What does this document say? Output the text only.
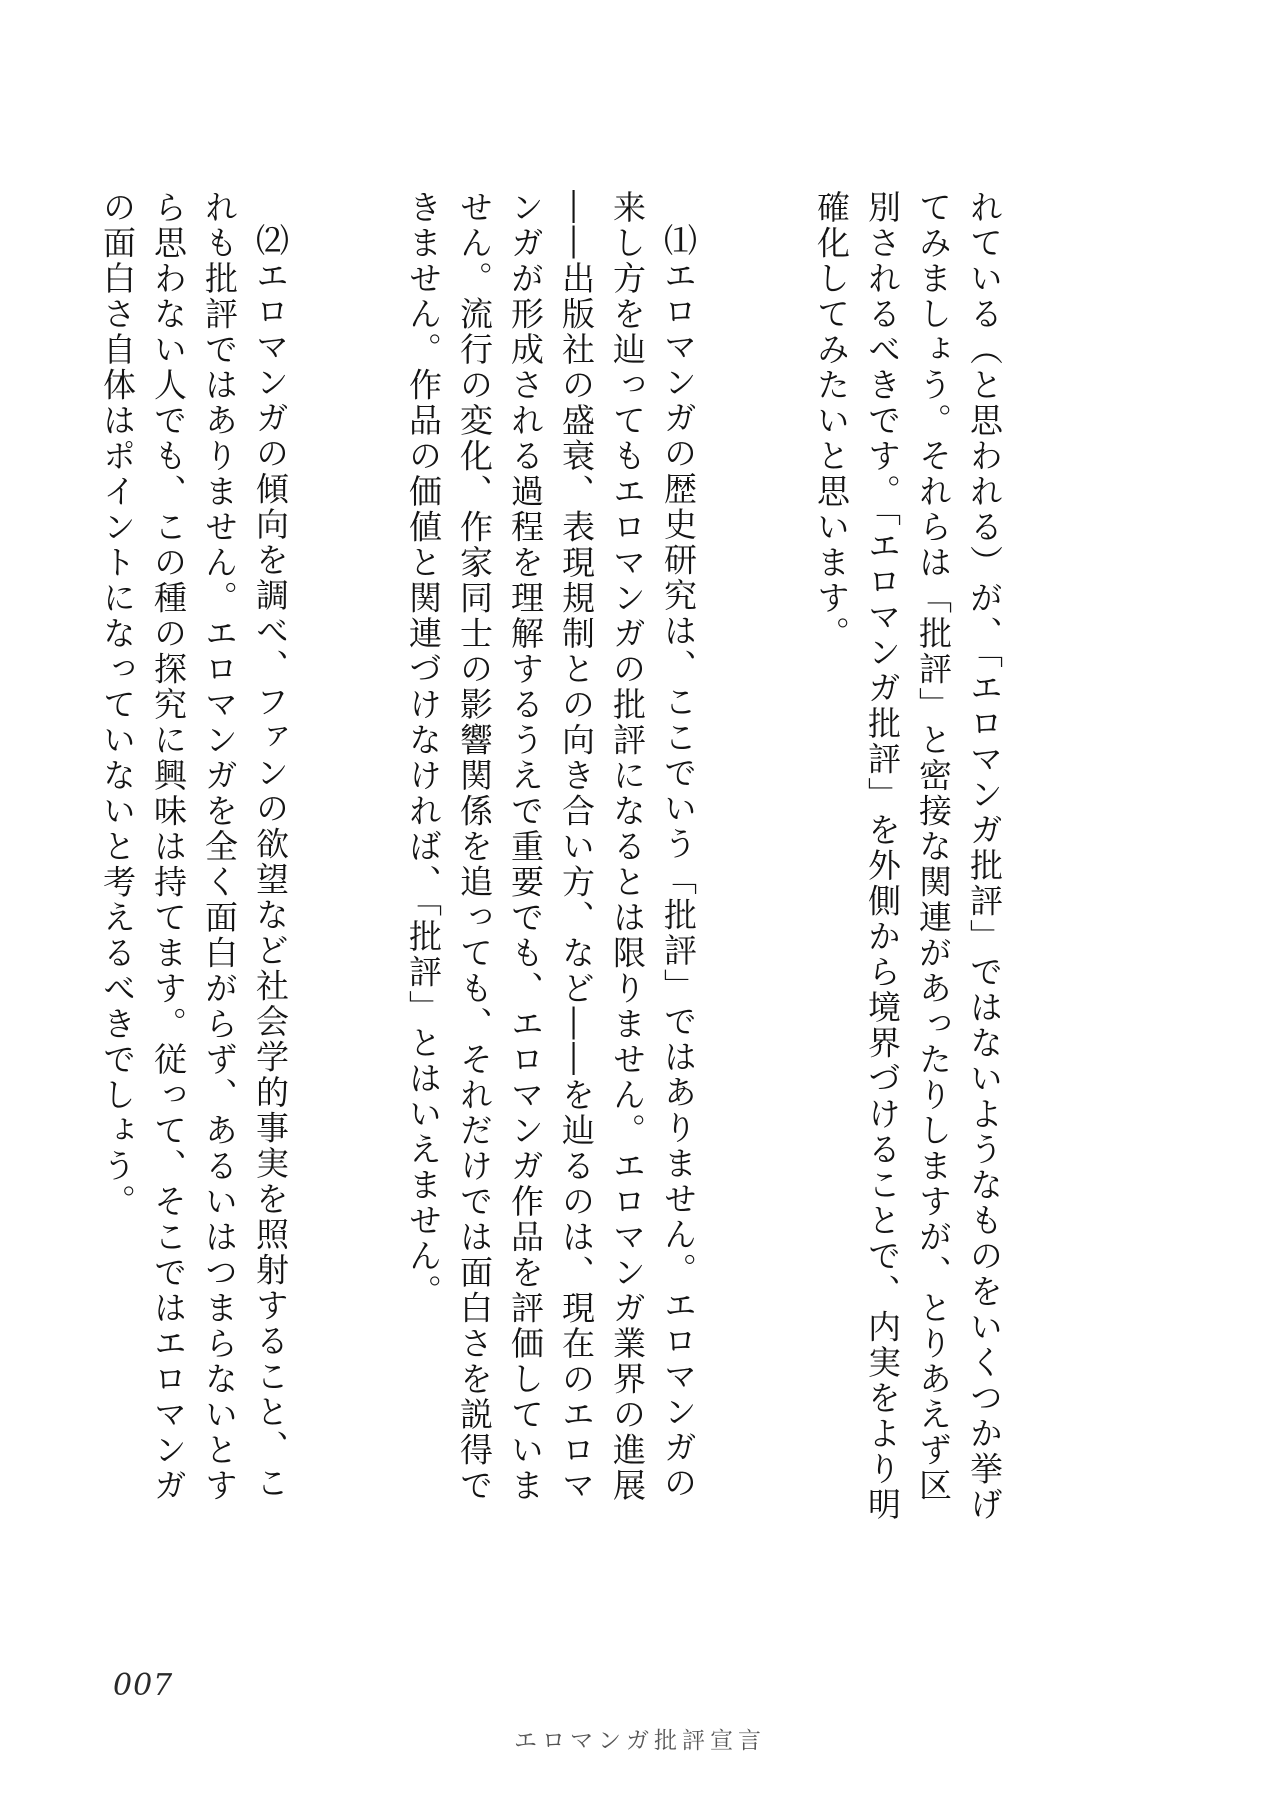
れている（と思われる）が、「エロマンガ批評」ではないようなものをいくつか挙げてみましょう。それらは「批評」と密接な関連があったりしますが、とりあえず区別されるべきです。「エロマンガ批評」を外側から境界づけることで、内実をより明確化してみたいと思います。

⑴エロマンガの歴史研究は、ここでいう「批評」ではありません。エロマンガの来し方を辿ってもエロマンガの批評になるとは限りません。エロマンガ業界の進展――出版社の盛衰、表現規制との向き合い方、など――を辿るのは、現在のエロマンガが形成される過程を理解するうえで重要でも、エロマンガ作品を評価していません。流行の変化、作家同士の影響関係を追っても、それだけでは面白さを説得できません。作品の価値と関連づけなければ、「批評」とはいえません。

⑵エロマンガの傾向を調べ、ファンの欲望など社会学的事実を照射すること、これも批評ではありません。エロマンガを全く面白がらず、あるいはつまらないとすら思わない人でも、この種の探究に興味は持てます。従って、そこではエロマンガの面白さ自体はポイントになっていないと考えるべきでしょう。

007
エロマンガ批評宣言
